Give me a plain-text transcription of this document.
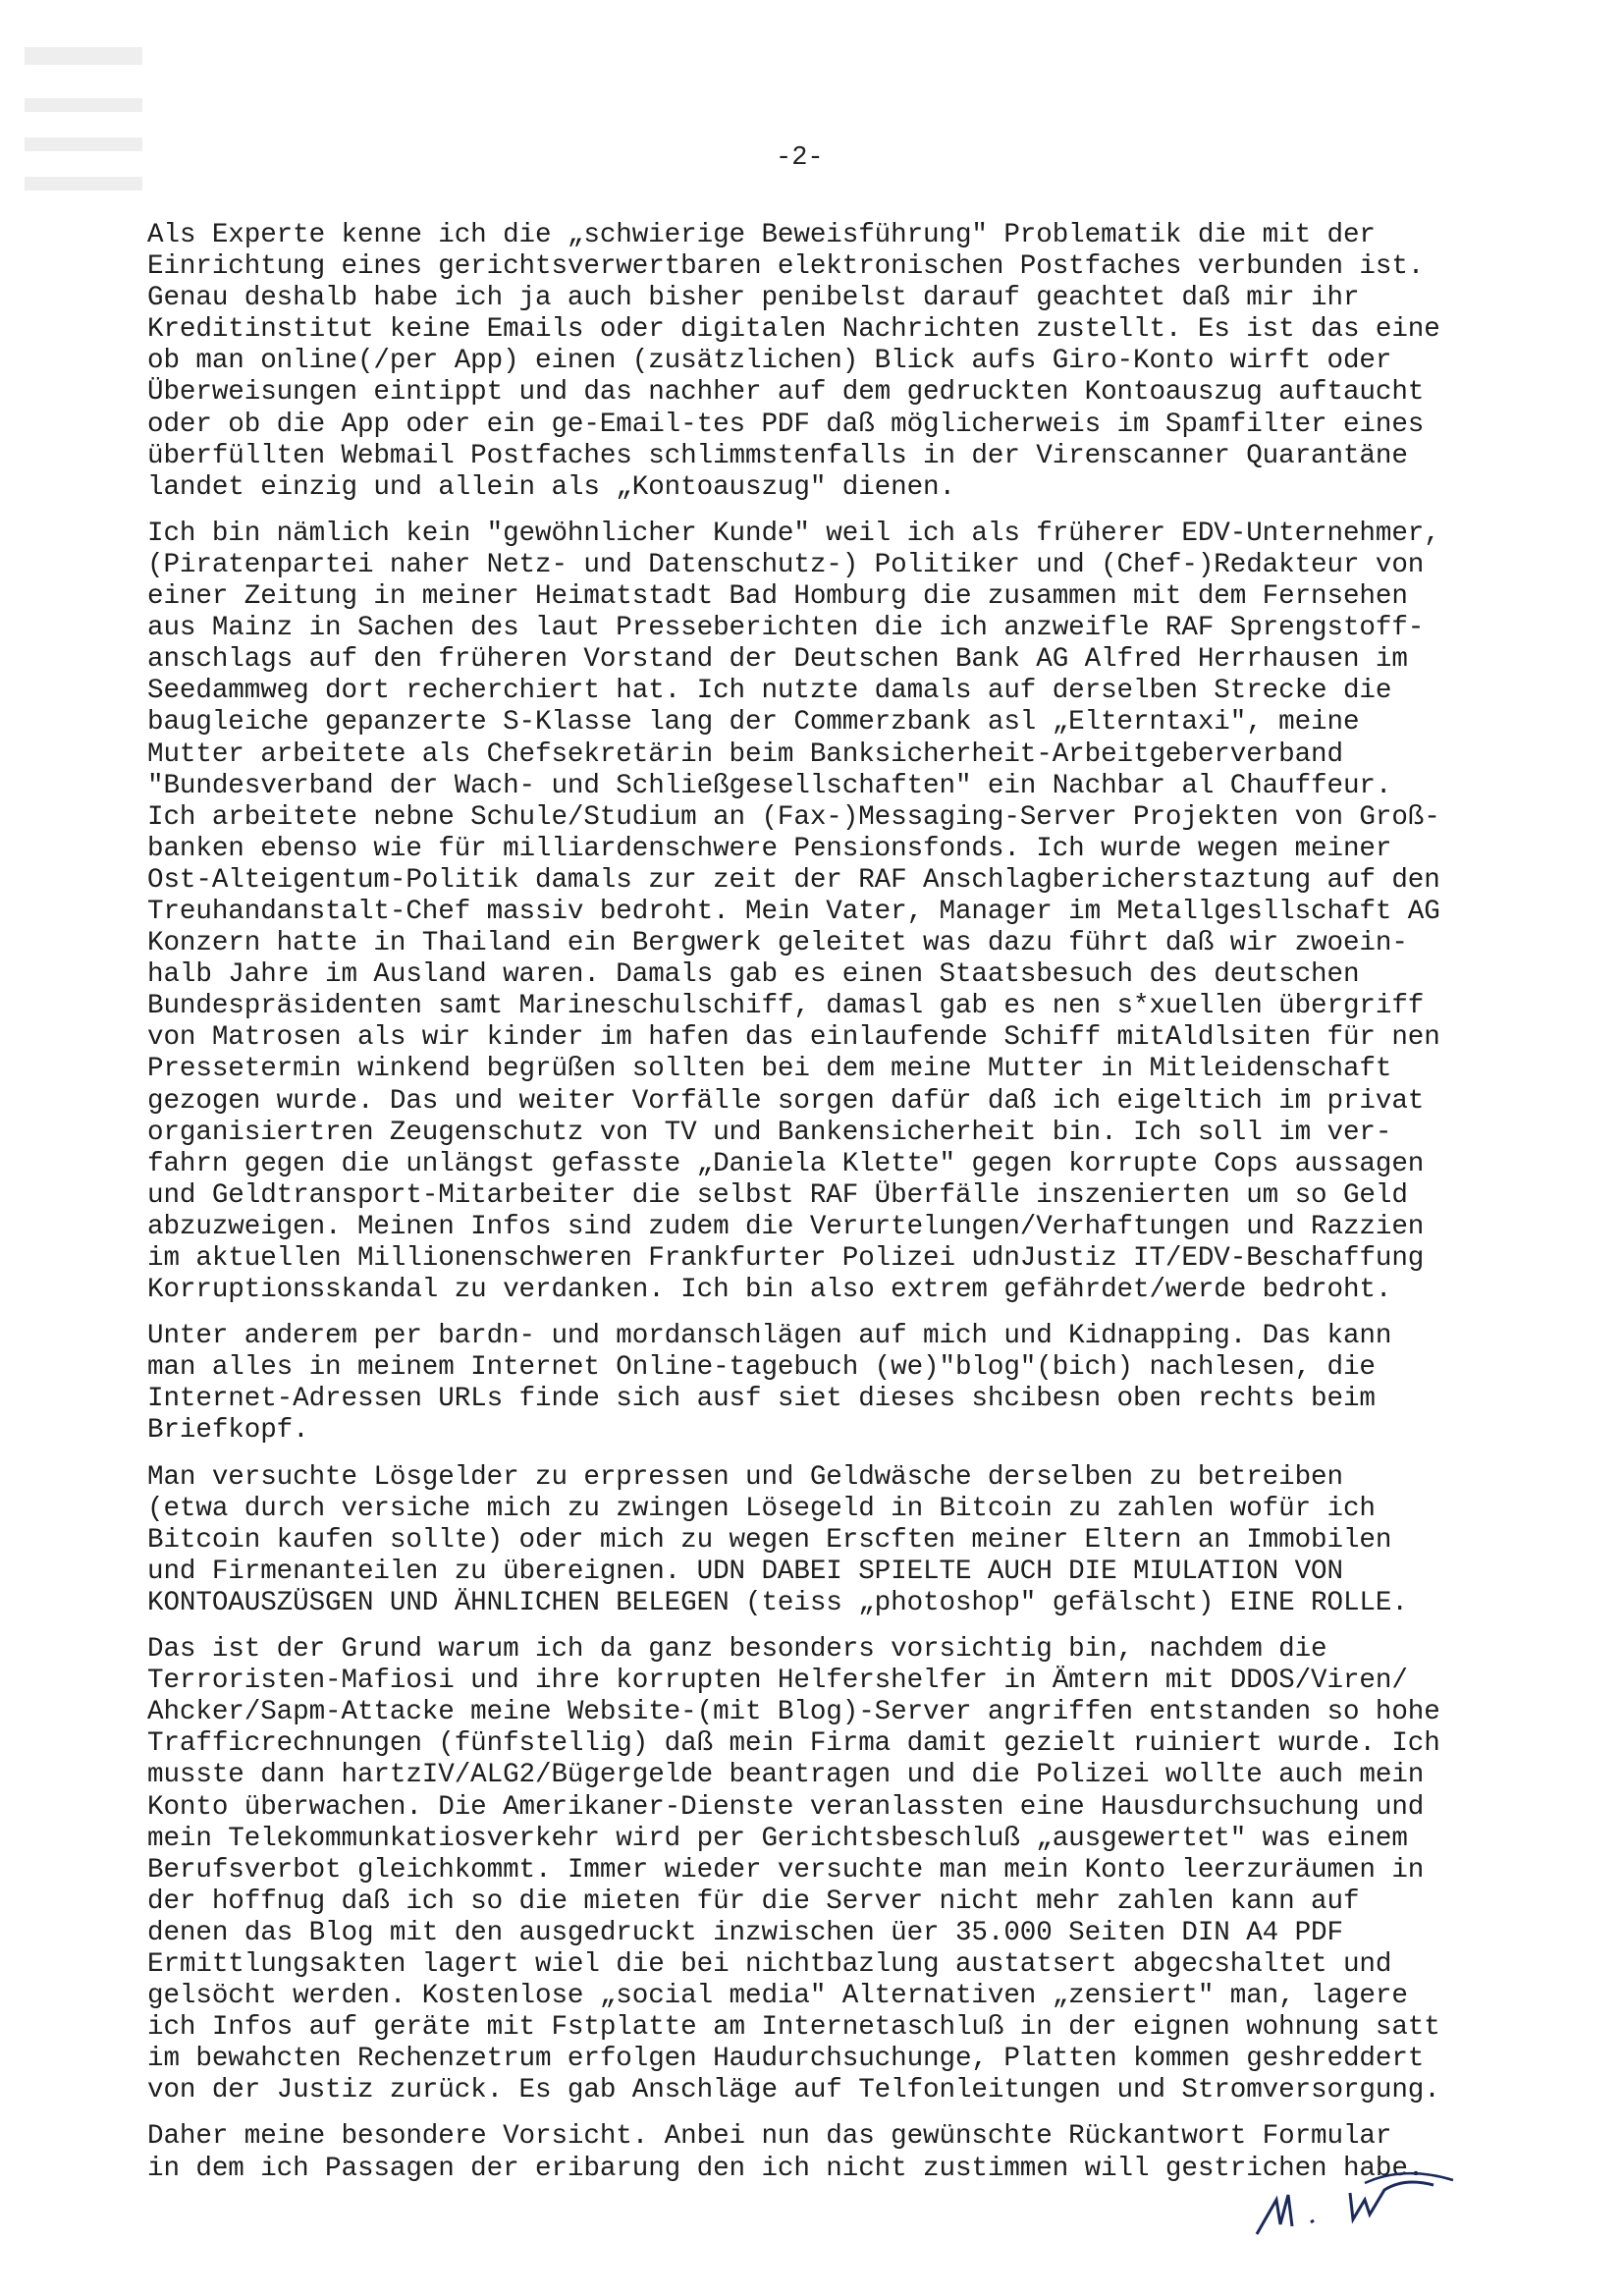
-2-
Als Experte kenne ich die „schwierige Beweisführung" Problematik die mit der
Einrichtung eines gerichtsverwertbaren elektronischen Postfaches verbunden ist.
Genau deshalb habe ich ja auch bisher penibelst darauf geachtet daß mir ihr
Kreditinstitut keine Emails oder digitalen Nachrichten zustellt. Es ist das eine
ob man online(/per App) einen (zusätzlichen) Blick aufs Giro-Konto wirft oder
Überweisungen eintippt und das nachher auf dem gedruckten Kontoauszug auftaucht
oder ob die App oder ein ge-Email-tes PDF daß möglicherweis im Spamfilter eines
überfüllten Webmail Postfaches schlimmstenfalls in der Virenscanner Quarantäne
landet einzig und allein als „Kontoauszug" dienen.
Ich bin nämlich kein "gewöhnlicher Kunde" weil ich als früherer EDV-Unternehmer,
(Piratenpartei naher Netz- und Datenschutz-) Politiker und (Chef-)Redakteur von
einer Zeitung in meiner Heimatstadt Bad Homburg die zusammen mit dem Fernsehen
aus Mainz in Sachen des laut Presseberichten die ich anzweifle RAF Sprengstoff-
anschlags auf den früheren Vorstand der Deutschen Bank AG Alfred Herrhausen im
Seedammweg dort recherchiert hat. Ich nutzte damals auf derselben Strecke die
baugleiche gepanzerte S-Klasse lang der Commerzbank asl „Elterntaxi", meine
Mutter arbeitete als Chefsekretärin beim Banksicherheit-Arbeitgeberverband
"Bundesverband der Wach- und Schließgesellschaften" ein Nachbar al Chauffeur.
Ich arbeitete nebne Schule/Studium an (Fax-)Messaging-Server Projekten von Groß-
banken ebenso wie für milliardenschwere Pensionsfonds. Ich wurde wegen meiner
Ost-Alteigentum-Politik damals zur zeit der RAF Anschlagbericherstaztung auf den
Treuhandanstalt-Chef massiv bedroht. Mein Vater, Manager im Metallgesllschaft AG
Konzern hatte in Thailand ein Bergwerk geleitet was dazu führt daß wir zwoein-
halb Jahre im Ausland waren. Damals gab es einen Staatsbesuch des deutschen
Bundespräsidenten samt Marineschulschiff, damasl gab es nen s*xuellen übergriff
von Matrosen als wir kinder im hafen das einlaufende Schiff mitAldlsiten für nen
Pressetermin winkend begrüßen sollten bei dem meine Mutter in Mitleidenschaft
gezogen wurde. Das und weiter Vorfälle sorgen dafür daß ich eigeltich im privat
organisiertren Zeugenschutz von TV und Bankensicherheit bin. Ich soll im ver-
fahrn gegen die unlängst gefasste „Daniela Klette" gegen korrupte Cops aussagen
und Geldtransport-Mitarbeiter die selbst RAF Überfälle inszenierten um so Geld
abzuzweigen. Meinen Infos sind zudem die Verurtelungen/Verhaftungen und Razzien
im aktuellen Millionenschweren Frankfurter Polizei udnJustiz IT/EDV-Beschaffung
Korruptionsskandal zu verdanken. Ich bin also extrem gefährdet/werde bedroht.
Unter anderem per bardn- und mordanschlägen auf mich und Kidnapping. Das kann
man alles in meinem Internet Online-tagebuch (we)"blog"(bich) nachlesen, die
Internet-Adressen URLs finde sich ausf siet dieses shcibesn oben rechts beim
Briefkopf.
Man versuchte Lösgelder zu erpressen und Geldwäsche derselben zu betreiben
(etwa durch versiche mich zu zwingen Lösegeld in Bitcoin zu zahlen wofür ich
Bitcoin kaufen sollte) oder mich zu wegen Erscften meiner Eltern an Immobilen
und Firmenanteilen zu übereignen. UDN DABEI SPIELTE AUCH DIE MIULATION VON
KONTOAUSZÜSGEN UND ÄHNLICHEN BELEGEN (teiss „photoshop" gefälscht) EINE ROLLE.
Das ist der Grund warum ich da ganz besonders vorsichtig bin, nachdem die
Terroristen-Mafiosi und ihre korrupten Helfershelfer in Ämtern mit DDOS/Viren/
Ahcker/Sapm-Attacke meine Website-(mit Blog)-Server angriffen entstanden so hohe
Trafficrechnungen (fünfstellig) daß mein Firma damit gezielt ruiniert wurde. Ich
musste dann hartzIV/ALG2/Bügergelde beantragen und die Polizei wollte auch mein
Konto überwachen. Die Amerikaner-Dienste veranlassten eine Hausdurchsuchung und
mein Telekommunkatiosverkehr wird per Gerichtsbeschluß „ausgewertet" was einem
Berufsverbot gleichkommt. Immer wieder versuchte man mein Konto leerzuräumen in
der hoffnug daß ich so die mieten für die Server nicht mehr zahlen kann auf
denen das Blog mit den ausgedruckt inzwischen üer 35.000 Seiten DIN A4 PDF
Ermittlungsakten lagert wiel die bei nichtbazlung austatsert abgecshaltet und
gelsöcht werden. Kostenlose „social media" Alternativen „zensiert" man, lagere
ich Infos auf geräte mit Fstplatte am Internetaschluß in der eignen wohnung satt
im bewahcten Rechenzetrum erfolgen Haudurchsuchunge, Platten kommen geshreddert
von der Justiz zurück. Es gab Anschläge auf Telfonleitungen und Stromversorgung.
Daher meine besondere Vorsicht. Anbei nun das gewünschte Rückantwort Formular
in dem ich Passagen der eribarung den ich nicht zustimmen will gestrichen habe.
